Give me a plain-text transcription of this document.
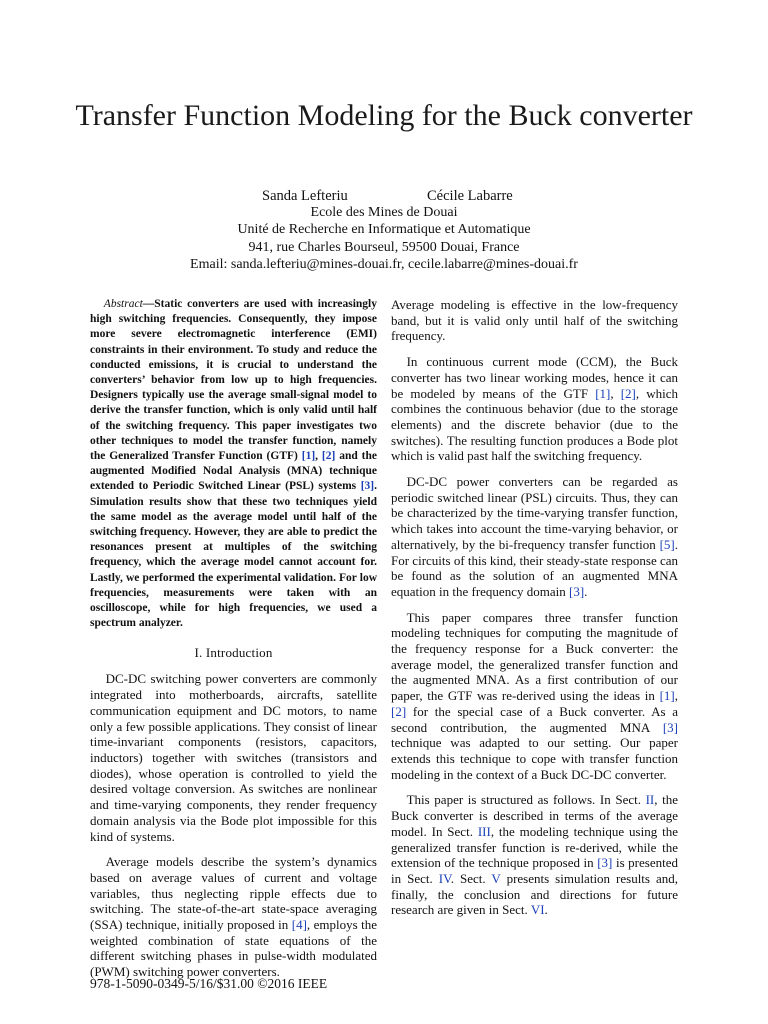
Transfer Function Modeling for the Buck converter
Sanda Lefteriu	Cécile Labarre
Ecole des Mines de Douai
Unité de Recherche en Informatique et Automatique
941, rue Charles Bourseul, 59500 Douai, France
Email: sanda.lefteriu@mines-douai.fr, cecile.labarre@mines-douai.fr

Abstract—Static converters are used with increasingly high switching frequencies. Consequently, they impose more severe electromagnetic interference (EMI) constraints in their environment. To study and reduce the conducted emissions, it is crucial to understand the converters’ behavior from low up to high frequencies. Designers typically use the average small-signal model to derive the transfer function, which is only valid until half of the switching frequency. This paper investigates two other techniques to model the transfer function, namely the Generalized Transfer Function (GTF) [1], [2] and the augmented Modified Nodal Analysis (MNA) technique extended to Periodic Switched Linear (PSL) systems [3]. Simulation results show that these two techniques yield the same model as the average model until half of the switching frequency. However, they are able to predict the resonances present at multiples of the switching frequency, which the average model cannot account for. Lastly, we performed the experimental validation. For low frequencies, measurements were taken with an oscilloscope, while for high frequencies, we used a spectrum analyzer.

I. Introduction

DC-DC switching power converters are commonly integrated into motherboards, aircrafts, satellite communication equipment and DC motors, to name only a few possible applications. They consist of linear time-invariant components (resistors, capacitors, inductors) together with switches (transistors and diodes), whose operation is controlled to yield the desired voltage conversion. As switches are nonlinear and time-varying components, they render frequency domain analysis via the Bode plot impossible for this kind of systems.

Average models describe the system’s dynamics based on average values of current and voltage variables, thus neglecting ripple effects due to switching. The state-of-the-art state-space averaging (SSA) technique, initially proposed in [4], employs the weighted combination of state equations of the different switching phases in pulse-width modulated (PWM) switching power converters.

Average modeling is effective in the low-frequency band, but it is valid only until half of the switching frequency.

In continuous current mode (CCM), the Buck converter has two linear working modes, hence it can be modeled by means of the GTF [1], [2], which combines the continuous behavior (due to the storage elements) and the discrete behavior (due to the switches). The resulting function produces a Bode plot which is valid past half the switching frequency.

DC-DC power converters can be regarded as periodic switched linear (PSL) circuits. Thus, they can be characterized by the time-varying transfer function, which takes into account the time-varying behavior, or alternatively, by the bi-frequency transfer function [5]. For circuits of this kind, their steady-state response can be found as the solution of an augmented MNA equation in the frequency domain [3].

This paper compares three transfer function modeling techniques for computing the magnitude of the frequency response for a Buck converter: the average model, the generalized transfer function and the augmented MNA. As a first contribution of our paper, the GTF was re-derived using the ideas in [1], [2] for the special case of a Buck converter. As a second contribution, the augmented MNA [3] technique was adapted to our setting. Our paper extends this technique to cope with transfer function modeling in the context of a Buck DC-DC converter.

This paper is structured as follows. In Sect. II, the Buck converter is described in terms of the average model. In Sect. III, the modeling technique using the generalized transfer function is re-derived, while the extension of the technique proposed in [3] is presented in Sect. IV. Sect. V presents simulation results and, finally, the conclusion and directions for future research are given in Sect. VI.

978-1-5090-0349-5/16/$31.00 ©2016 IEEE
